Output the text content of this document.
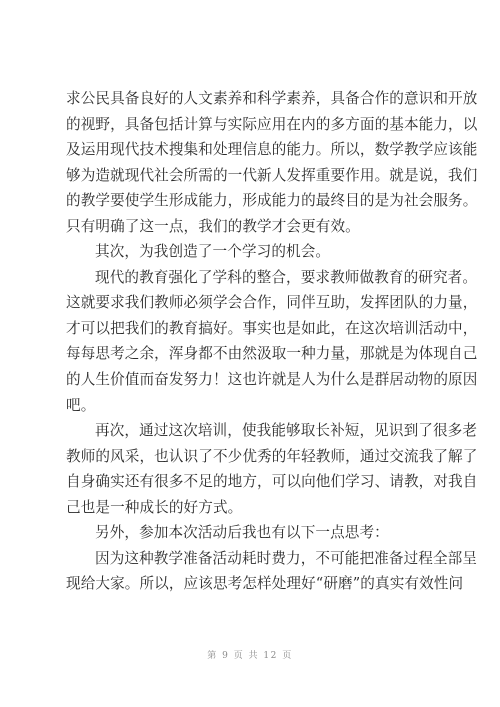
求公民具备良好的人文素养和科学素养，具备合作的意识和开放
的视野，具备包括计算与实际应用在内的多方面的基本能力，以
及运用现代技术搜集和处理信息的能力。所以，数学教学应该能
够为造就现代社会所需的一代新人发挥重要作用。就是说，我们
的教学要使学生形成能力，形成能力的最终目的是为社会服务。
只有明确了这一点，我们的教学才会更有效。
其次，为我创造了一个学习的机会。
现代的教育强化了学科的整合，要求教师做教育的研究者。
这就要求我们教师必须学会合作，同伴互助，发挥团队的力量，
才可以把我们的教育搞好。事实也是如此，在这次培训活动中，
每每思考之余，浑身都不由然汲取一种力量，那就是为体现自己
的人生价值而奋发努力！这也许就是人为什么是群居动物的原因
吧。
再次，通过这次培训，使我能够取长补短，见识到了很多老
教师的风采，也认识了不少优秀的年轻教师，通过交流我了解了
自身确实还有很多不足的地方，可以向他们学习、请教，对我自
己也是一种成长的好方式。
另外，参加本次活动后我也有以下一点思考：
因为这种教学准备活动耗时费力，不可能把准备过程全部呈
现给大家。所以，应该思考怎样处理好“研磨”的真实有效性问
第 9 页 共 12 页
